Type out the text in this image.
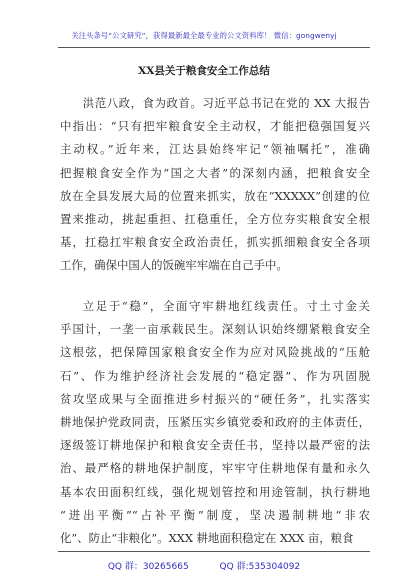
关注头条号“公文研究”，获得最新最全最专业的公文资料库！ 微信：gongwenyj
XX县关于粮食安全工作总结
洪范八政，食为政首。习近平总书记在党的 XX 大报告
中指出：“只有把牢粮食安全主动权，才能把稳强国复兴
主动权。”近年来，江达县始终牢记“领袖嘱托”，准确
把握粮食安全作为“国之大者”的深刻内涵，把粮食安全
放在全县发展大局的位置来抓实，放在“XXXXX”创建的位
置来推动，挑起重担、扛稳重任，全方位夯实粮食安全根
基，扛稳扛牢粮食安全政治责任，抓实抓细粮食安全各项
工作，确保中国人的饭碗牢牢端在自己手中。
立足于“稳”，全面守牢耕地红线责任。寸土寸金关
乎国计，一垄一亩承载民生。深刻认识始终绷紧粮食安全
这根弦，把保障国家粮食安全作为应对风险挑战的“压舱
石”、作为维护经济社会发展的“稳定器”、作为巩固脱
贫攻坚成果与全面推进乡村振兴的“硬任务”，扎实落实
耕地保护党政同责，压紧压实乡镇党委和政府的主体责任，
逐级签订耕地保护和粮食安全责任书，坚持以最严密的法
治、最严格的耕地保护制度，牢牢守住耕地保有量和永久
基本农田面积红线，强化规划管控和用途管制，执行耕地
“进出平衡”“占补平衡”制度，坚决遏制耕地“非农
化”、防止“非粮化”。XXX 耕地面积稳定在 XXX 亩，粮食
QQ 群：30265665	QQ 群:535304092
